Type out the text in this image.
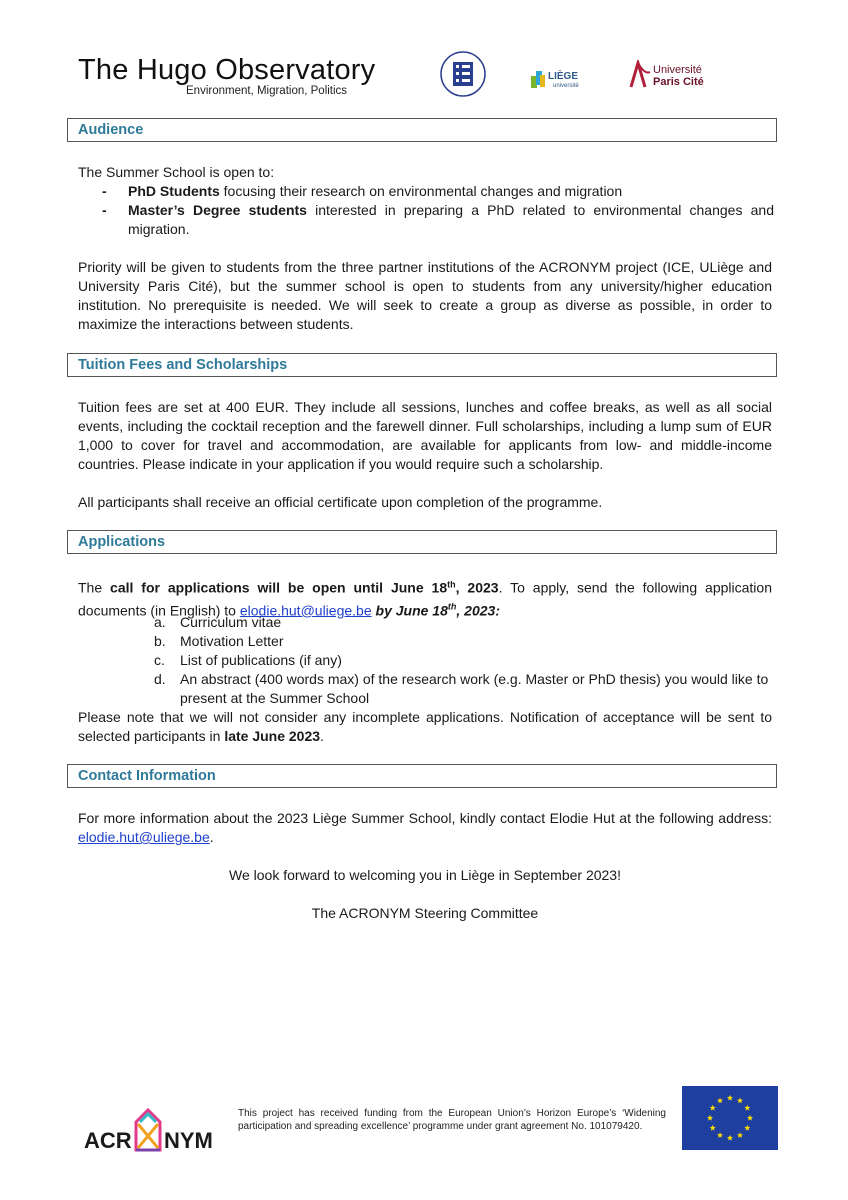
The Hugo Observatory
Environment, Migration, Politics
LIÈGE
université
Université
Paris Cité
Audience
The Summer School is open to:
-	PhD Students focusing their research on environmental changes and migration
-	Master’s Degree students interested in preparing a PhD related to environmental changes and migration.
Priority will be given to students from the three partner institutions of the ACRONYM project (ICE, ULiège and University Paris Cité), but the summer school is open to students from any university/higher education institution. No prerequisite is needed. We will seek to create a group as diverse as possible, in order to maximize the interactions between students.
Tuition Fees and Scholarships
Tuition fees are set at 400 EUR. They include all sessions, lunches and coffee breaks, as well as all social events, including the cocktail reception and the farewell dinner. Full scholarships, including a lump sum of EUR 1,000 to cover for travel and accommodation, are available for applicants from low- and middle-income countries. Please indicate in your application if you would require such a scholarship.
All participants shall receive an official certificate upon completion of the programme.
Applications
The call for applications will be open until June 18th, 2023. To apply, send the following application documents (in English) to elodie.hut@uliege.be by June 18th, 2023:
a. Curriculum vitae
b. Motivation Letter
c. List of publications (if any)
d. An abstract (400 words max) of the research work (e.g. Master or PhD thesis) you would like to present at the Summer School
Please note that we will not consider any incomplete applications. Notification of acceptance will be sent to selected participants in late June 2023.
Contact Information
For more information about the 2023 Liège Summer School, kindly contact Elodie Hut at the following address: elodie.hut@uliege.be.
We look forward to welcoming you in Liège in September 2023!
The ACRONYM Steering Committee
ACR NYM
This project has received funding from the European Union’s Horizon Europe’s ‘Widening participation and spreading excellence’ programme under grant agreement No. 101079420.
